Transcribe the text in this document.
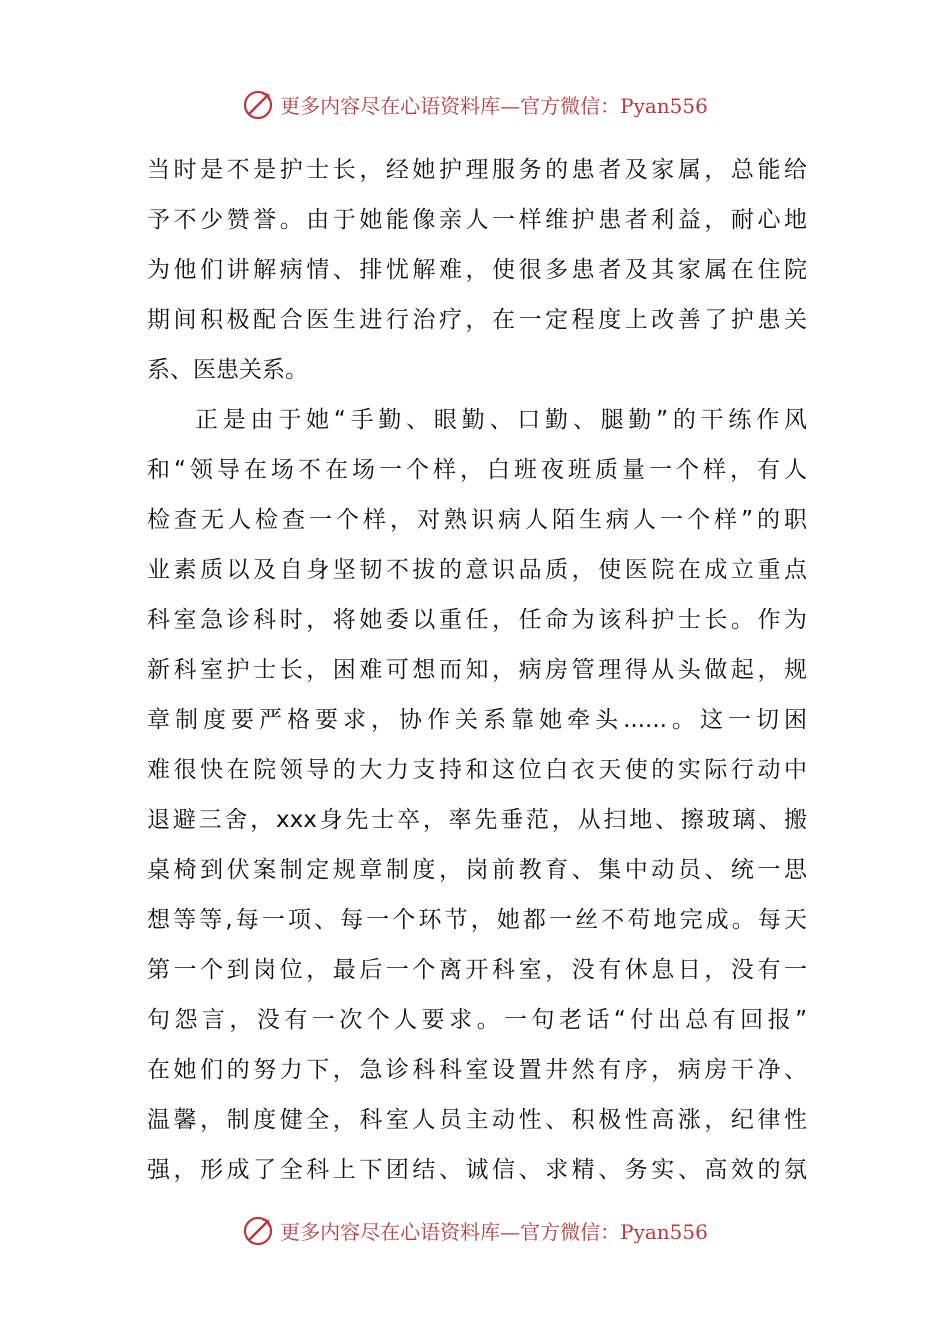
更多内容尽在心语资料库—官方微信：Pyan556
当时是不是护士长，经她护理服务的患者及家属，总能给
予不少赞誉。由于她能像亲人一样维护患者利益，耐心地
为他们讲解病情、排忧解难，使很多患者及其家属在住院
期间积极配合医生进行治疗，在一定程度上改善了护患关
系、医患关系。
正是由于她“手勤、眼勤、口勤、腿勤”的干练作风
和“领导在场不在场一个样，白班夜班质量一个样，有人
检查无人检查一个样，对熟识病人陌生病人一个样”的职
业素质以及自身坚韧不拔的意识品质，使医院在成立重点
科室急诊科时，将她委以重任，任命为该科护士长。作为
新科室护士长，困难可想而知，病房管理得从头做起，规
章制度要严格要求，协作关系靠她牵头......。这一切困
难很快在院领导的大力支持和这位白衣天使的实际行动中
退避三舍，xxx身先士卒，率先垂范，从扫地、擦玻璃、搬
桌椅到伏案制定规章制度，岗前教育、集中动员、统一思
想等等,每一项、每一个环节，她都一丝不苟地完成。每天
第一个到岗位，最后一个离开科室，没有休息日，没有一
句怨言，没有一次个人要求。一句老话“付出总有回报”
在她们的努力下，急诊科科室设置井然有序，病房干净、
温馨，制度健全，科室人员主动性、积极性高涨，纪律性
强，形成了全科上下团结、诚信、求精、务实、高效的氛
更多内容尽在心语资料库—官方微信：Pyan556
